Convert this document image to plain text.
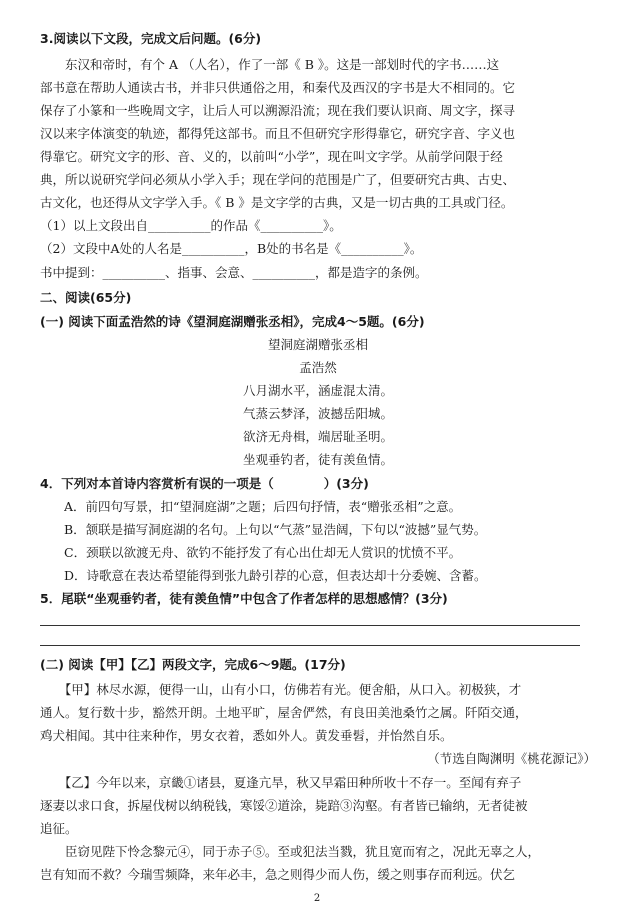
3.阅读以下文段，完成文后问题。(6分)
　　东汉和帝时，有个 A （人名），作了一部《 B 》。这是一部划时代的字书……这
部书意在帮助人通读古书，并非只供通俗之用，和秦代及西汉的字书是大不相同的。它
保存了小篆和一些晚周文字，让后人可以溯源沿流；现在我们要认识商、周文字，探寻
汉以来字体演变的轨迹，都得凭这部书。而且不但研究字形得靠它，研究字音、字义也
得靠它。研究文字的形、音、义的，以前叫“小学”，现在叫文字学。从前学问限于经
典，所以说研究学问必须从小学入手；现在学问的范围是广了，但要研究古典、古史、
古文化，也还得从文字学入手。《 B 》是文字学的古典，又是一切古典的工具或门径。
（1）以上文段出自__________的作品《__________》。
（2）文段中A处的人名是__________，B处的书名是《__________》。
书中提到：__________、指事、会意、__________，都是造字的条例。
二、阅读(65分)
(一) 阅读下面孟浩然的诗《望洞庭湖赠张丞相》，完成4～5题。(6分)
望洞庭湖赠张丞相
孟浩然
八月湖水平，涵虚混太清。
气蒸云梦泽，波撼岳阳城。
欲济无舟楫，端居耻圣明。
坐观垂钓者，徒有羡鱼情。
4．下列对本首诗内容赏析有误的一项是（　　　　）(3分)
A．前四句写景，扣“望洞庭湖”之题；后四句抒情，表“赠张丞相”之意。
B．颔联是描写洞庭湖的名句。上句以“气蒸”显浩阔，下句以“波撼”显气势。
C．颈联以欲渡无舟、欲钓不能抒发了有心出仕却无人赏识的忧愤不平。
D．诗歌意在表达希望能得到张九龄引荐的心意，但表达却十分委婉、含蓄。
5．尾联“坐观垂钓者，徒有羡鱼情”中包含了作者怎样的思想感情？(3分)
(二) 阅读【甲】【乙】两段文字，完成6～9题。(17分)
　　【甲】林尽水源，便得一山，山有小口，仿佛若有光。便舍船，从口入。初极狭，才
通人。复行数十步，豁然开朗。土地平旷，屋舍俨然，有良田美池桑竹之属。阡陌交通，
鸡犬相闻。其中往来种作，男女衣着，悉如外人。黄发垂髫，并怡然自乐。
（节选自陶渊明《桃花源记》）
　　【乙】今年以来，京畿①诸县，夏逢亢旱，秋又早霜田种所收十不存一。至闻有弃子
逐妻以求口食，拆屋伐树以纳税钱，寒馁②道涂，毙踣③沟壑。有者皆已输纳，无者徒被
追征。
　　臣窃见陛下怜念黎元④，同于赤子⑤。至或犯法当戮，犹且宽而宥之，况此无辜之人，
岂有知而不救？今瑞雪频降，来年必丰，急之则得少而人伤，缓之则事存而利远。伏乞
2
